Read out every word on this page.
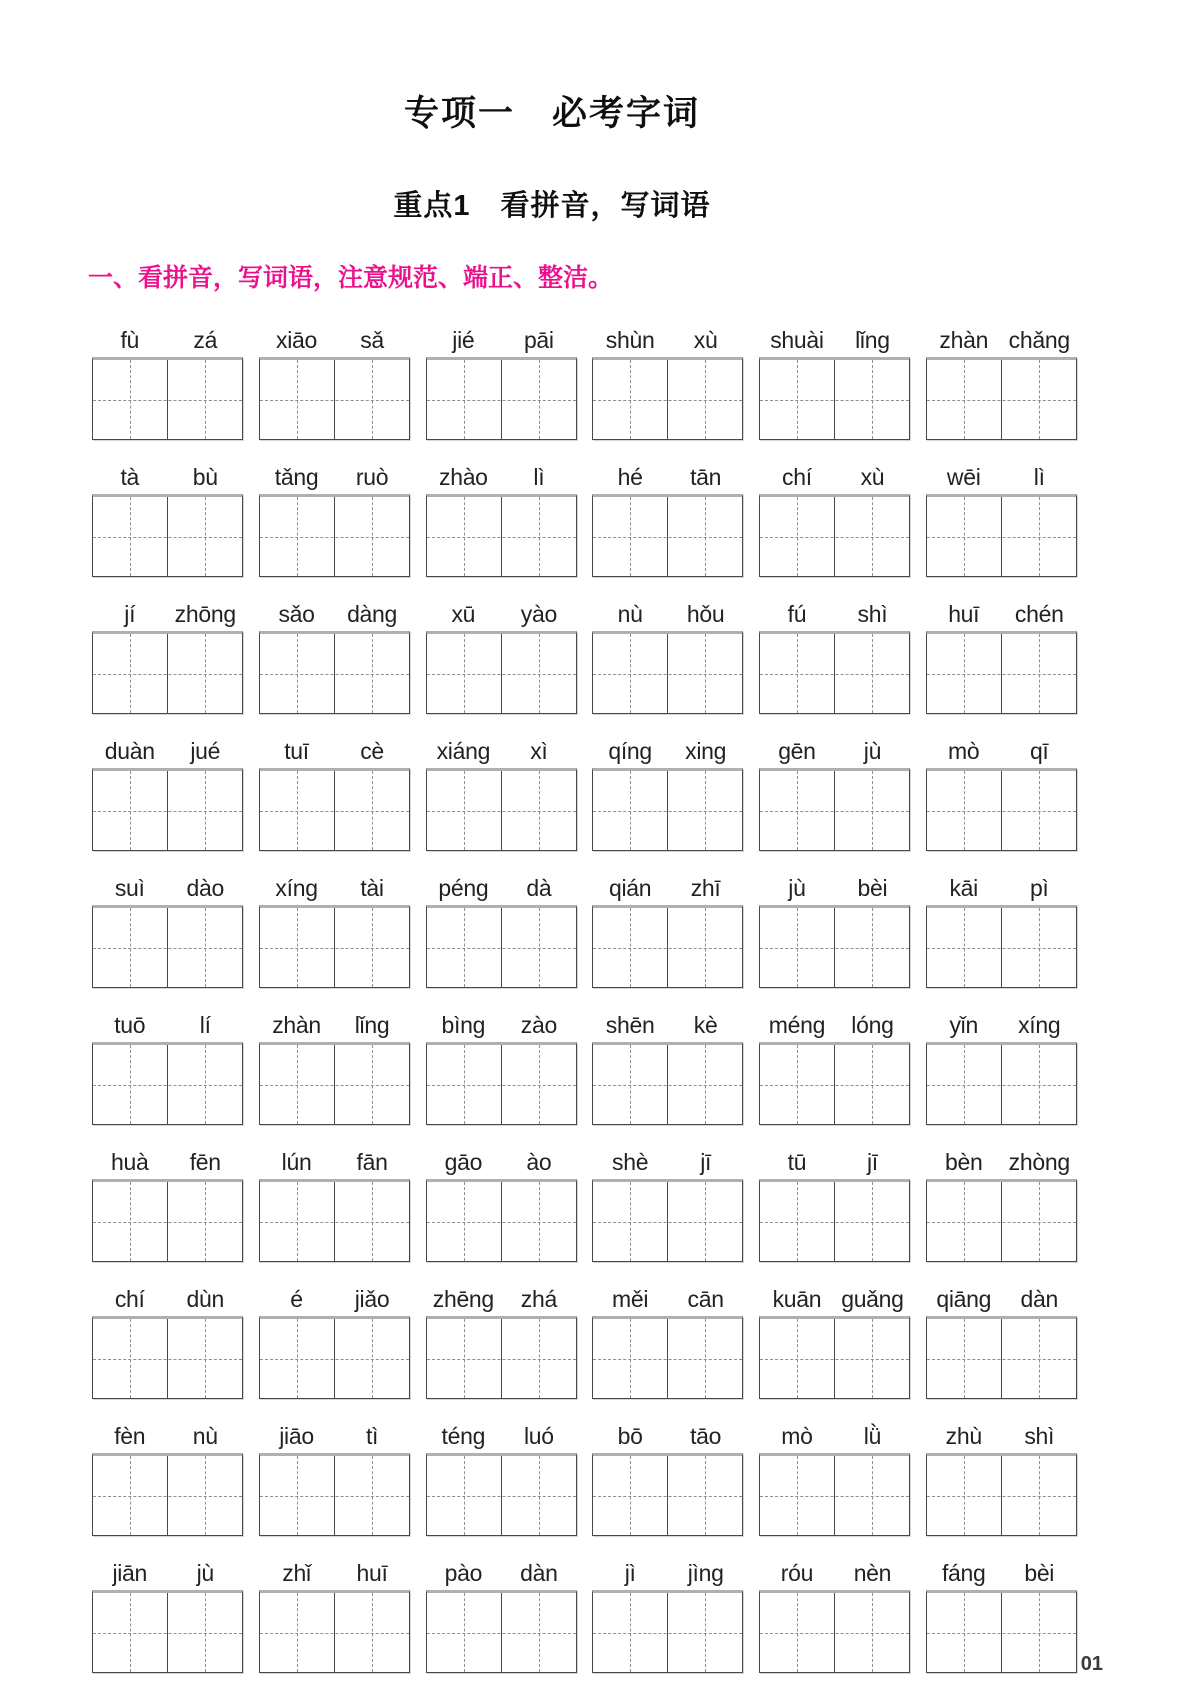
专项一　必考字词
重点1　看拼音，写词语
一、看拼音，写词语，注意规范、端正、整洁。
fù	zá	xiāo	sǎ	jié	pāi	shùn	xù	shuài	lǐng	zhàn chǎng
tà	bù	tǎng	ruò	zhào	lì	hé	tān	chí	xù	wēi	lì
jí	zhōng	sǎo	dàng	xū	yào	nù	hǒu	fú	shì	huī	chén
duàn	jué	tuī	cè	xiáng	xì	qíng	xing	gēn	jù	mò	qī
suì	dào	xíng	tài	péng	dà	qián	zhī	jù	bèi	kāi	pì
tuō	lí	zhàn	lǐng	bìng	zào	shēn	kè	méng	lóng	yǐn	xíng
huà	fēn	lún	fān	gāo	ào	shè	jī	tū	jī	bèn	zhòng
chí	dùn	é	jiǎo	zhēng	zhá	měi	cān	kuān guǎng	qiāng	dàn
fèn	nù	jiāo	tì	téng	luó	bō	tāo	mò	lǜ	zhù	shì
jiān	jù	zhǐ	huī	pào	dàn	jì	jìng	róu	nèn	fáng	bèi
01
